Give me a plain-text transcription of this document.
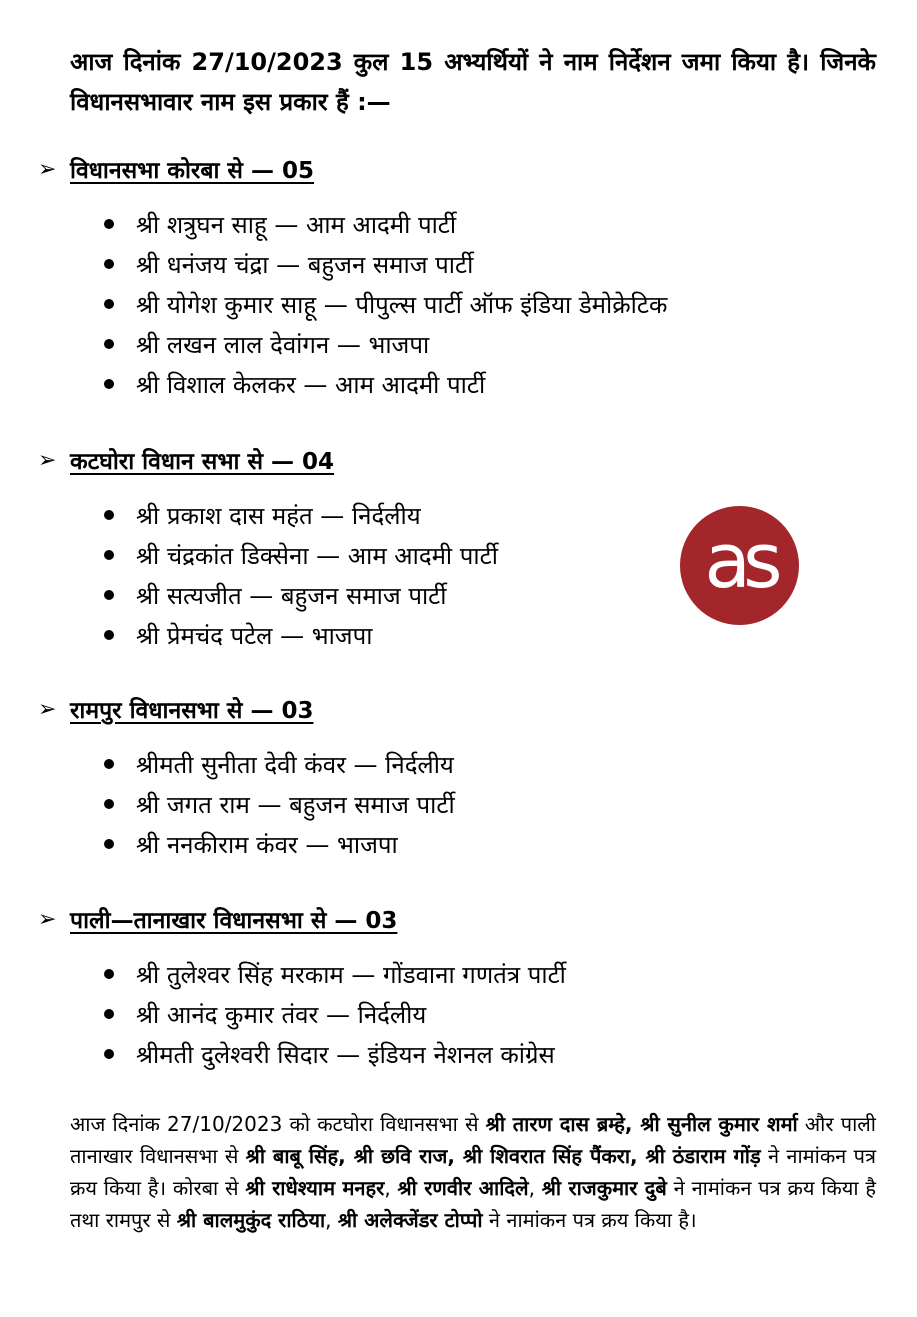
आज दिनांक 27/10/2023 कुल 15 अभ्यर्थियों ने नाम निर्देशन जमा किया है। जिनके विधानसभावार नाम इस प्रकार हैं :—
➢ विधानसभा कोरबा से — 05
श्री शत्रुघन साहू — आम आदमी पार्टी
श्री धनंजय चंद्रा — बहुजन समाज पार्टी
श्री योगेश कुमार साहू — पीपुल्स पार्टी ऑफ इंडिया डेमोक्रेटिक
श्री लखन लाल देवांगन — भाजपा
श्री विशाल केलकर — आम आदमी पार्टी
➢ कटघोरा विधान सभा से — 04
श्री प्रकाश दास महंत — निर्दलीय
श्री चंद्रकांत डिक्सेना — आम आदमी पार्टी
श्री सत्यजीत — बहुजन समाज पार्टी
श्री प्रेमचंद पटेल — भाजपा
➢ रामपुर विधानसभा से — 03
श्रीमती सुनीता देवी कंवर — निर्दलीय
श्री जगत राम — बहुजन समाज पार्टी
श्री ननकीराम कंवर — भाजपा
➢ पाली—तानाखार विधानसभा से — 03
श्री तुलेश्वर सिंह मरकाम — गोंडवाना गणतंत्र पार्टी
श्री आनंद कुमार तंवर — निर्दलीय
श्रीमती दुलेश्वरी सिदार — इंडियन नेशनल कांग्रेस
as

आज दिनांक 27/10/2023 को कटघोरा विधानसभा से श्री तारण दास ब्रम्हे, श्री सुनील कुमार शर्मा और पाली तानाखार विधानसभा से श्री बाबू सिंह, श्री छवि राज, श्री शिवरात सिंह पैंकरा, श्री ठंडाराम गोंड़ ने नामांकन पत्र क्रय किया है। कोरबा से श्री राधेश्याम मनहर, श्री रणवीर आदिले, श्री राजकुमार दुबे ने नामांकन पत्र क्रय किया है तथा रामपुर से श्री बालमुकुंद राठिया, श्री अलेक्जेंडर टोप्पो ने नामांकन पत्र क्रय किया है।
